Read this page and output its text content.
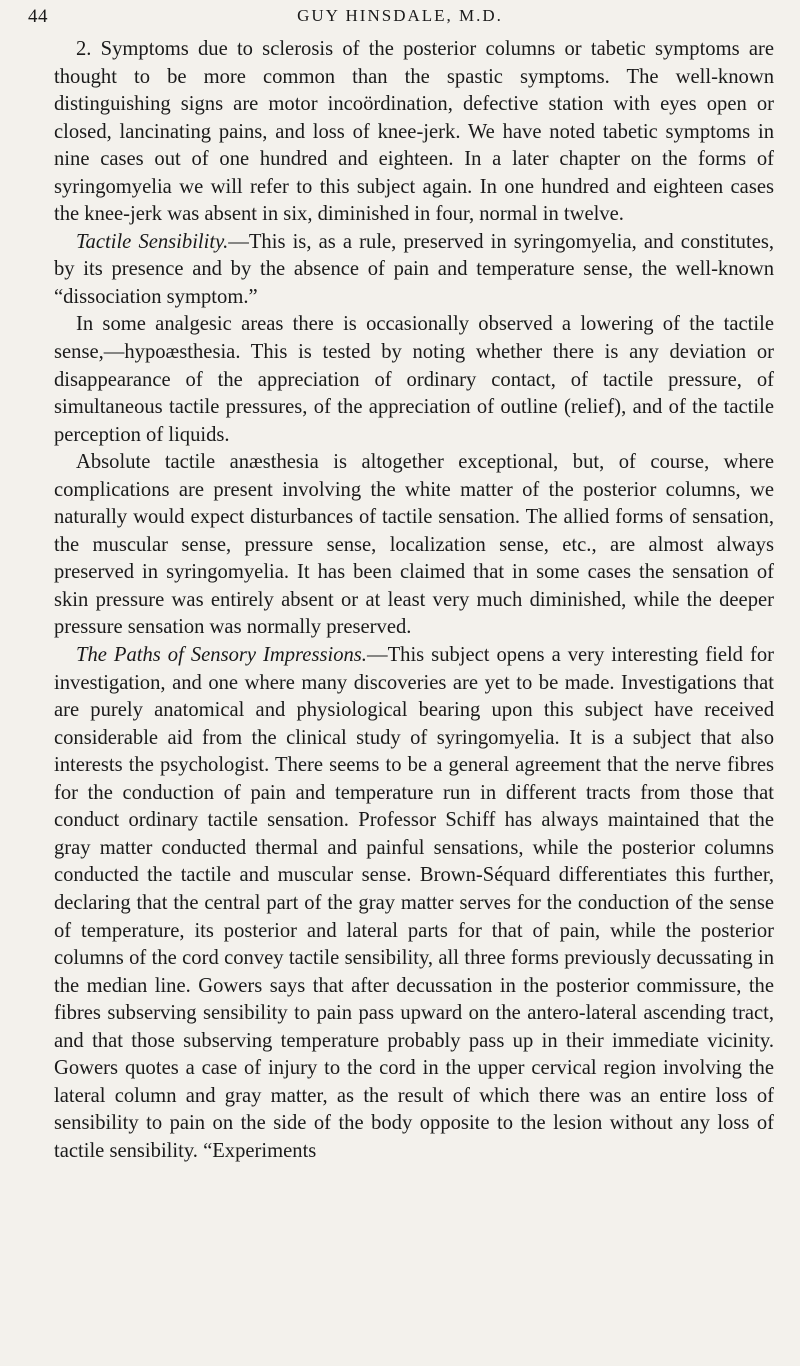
44	GUY HINSDALE, M.D.

2. Symptoms due to sclerosis of the posterior columns or tabetic symptoms are thought to be more common than the spastic symptoms. The well-known distinguishing signs are motor incoördination, defective station with eyes open or closed, lancinating pains, and loss of knee-jerk. We have noted tabetic symptoms in nine cases out of one hundred and eighteen. In a later chapter on the forms of syringomyelia we will refer to this subject again. In one hundred and eighteen cases the knee-jerk was absent in six, diminished in four, normal in twelve.

Tactile Sensibility.—This is, as a rule, preserved in syringomyelia, and constitutes, by its presence and by the absence of pain and temperature sense, the well-known “dissociation symptom.”

In some analgesic areas there is occasionally observed a lowering of the tactile sense,—hypoæsthesia. This is tested by noting whether there is any deviation or disappearance of the appreciation of ordinary contact, of tactile pressure, of simultaneous tactile pressures, of the appreciation of outline (relief), and of the tactile perception of liquids.

Absolute tactile anæsthesia is altogether exceptional, but, of course, where complications are present involving the white matter of the posterior columns, we naturally would expect disturbances of tactile sensation. The allied forms of sensation, the muscular sense, pressure sense, localization sense, etc., are almost always preserved in syringomyelia. It has been claimed that in some cases the sensation of skin pressure was entirely absent or at least very much diminished, while the deeper pressure sensation was normally preserved.

The Paths of Sensory Impressions.—This subject opens a very interesting field for investigation, and one where many discoveries are yet to be made. Investigations that are purely anatomical and physiological bearing upon this subject have received considerable aid from the clinical study of syringomyelia. It is a subject that also interests the psychologist. There seems to be a general agreement that the nerve fibres for the conduction of pain and temperature run in different tracts from those that conduct ordinary tactile sensation. Professor Schiff has always maintained that the gray matter conducted thermal and painful sensations, while the posterior columns conducted the tactile and muscular sense. Brown-Séquard differentiates this further, declaring that the central part of the gray matter serves for the conduction of the sense of temperature, its posterior and lateral parts for that of pain, while the posterior columns of the cord convey tactile sensibility, all three forms previously decussating in the median line. Gowers says that after decussation in the posterior commissure, the fibres subserving sensibility to pain pass upward on the antero-lateral ascending tract, and that those subserving temperature probably pass up in their immediate vicinity. Gowers quotes a case of injury to the cord in the upper cervical region involving the lateral column and gray matter, as the result of which there was an entire loss of sensibility to pain on the side of the body opposite to the lesion without any loss of tactile sensibility. “Experiments
